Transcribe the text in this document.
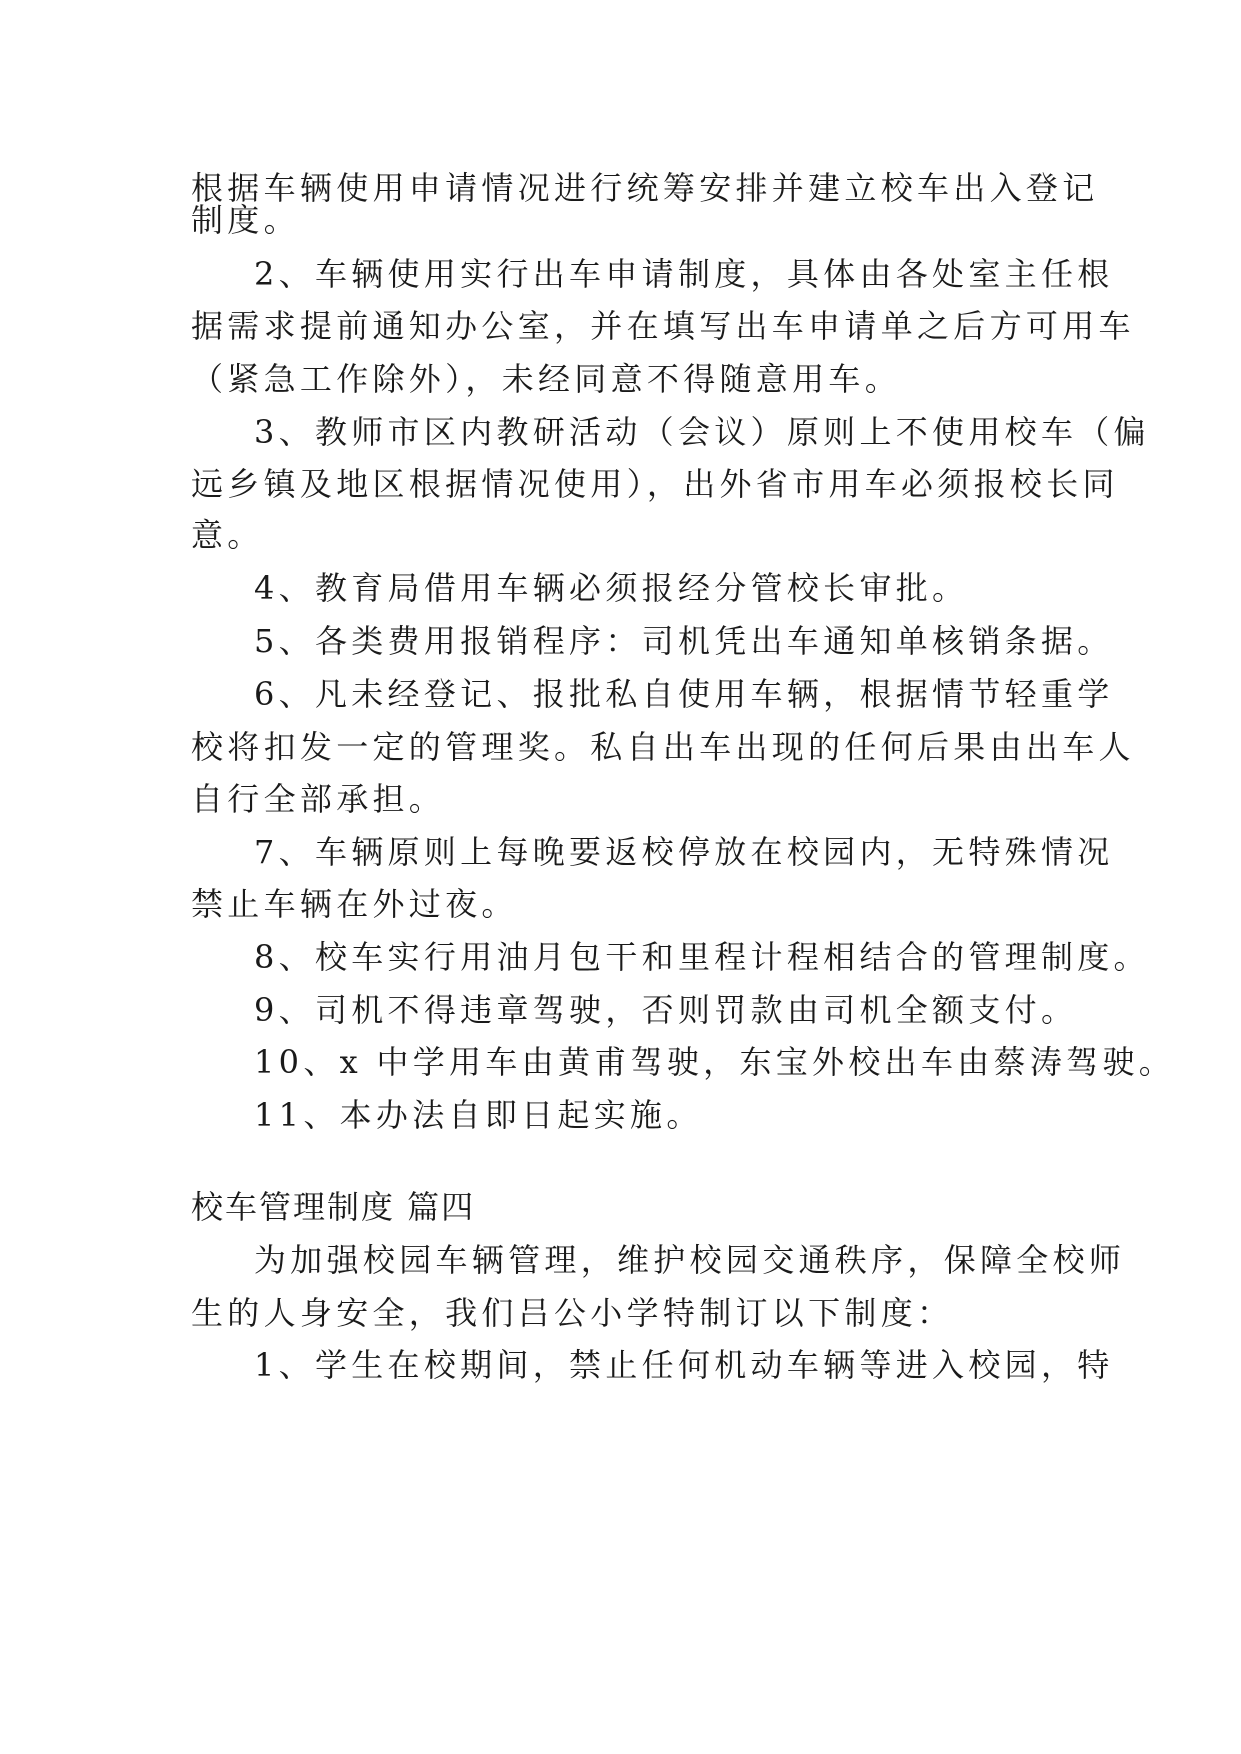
根据车辆使用申请情况进行统筹安排并建立校车出入登记
制度。
2、车辆使用实行出车申请制度，具体由各处室主任根
据需求提前通知办公室，并在填写出车申请单之后方可用车
（紧急工作除外），未经同意不得随意用车。
3、教师市区内教研活动（会议）原则上不使用校车（偏
远乡镇及地区根据情况使用），出外省市用车必须报校长同
意。
4、教育局借用车辆必须报经分管校长审批。
5、各类费用报销程序：司机凭出车通知单核销条据。
6、凡未经登记、报批私自使用车辆，根据情节轻重学
校将扣发一定的管理奖。私自出车出现的任何后果由出车人
自行全部承担。
7、车辆原则上每晚要返校停放在校园内，无特殊情况
禁止车辆在外过夜。
8、校车实行用油月包干和里程计程相结合的管理制度。
9、司机不得违章驾驶，否则罚款由司机全额支付。
10、x 中学用车由黄甫驾驶，东宝外校出车由蔡涛驾驶。
11、本办法自即日起实施。
校车管理制度 篇四
为加强校园车辆管理，维护校园交通秩序，保障全校师
生的人身安全，我们吕公小学特制订以下制度：
1、学生在校期间，禁止任何机动车辆等进入校园，特
